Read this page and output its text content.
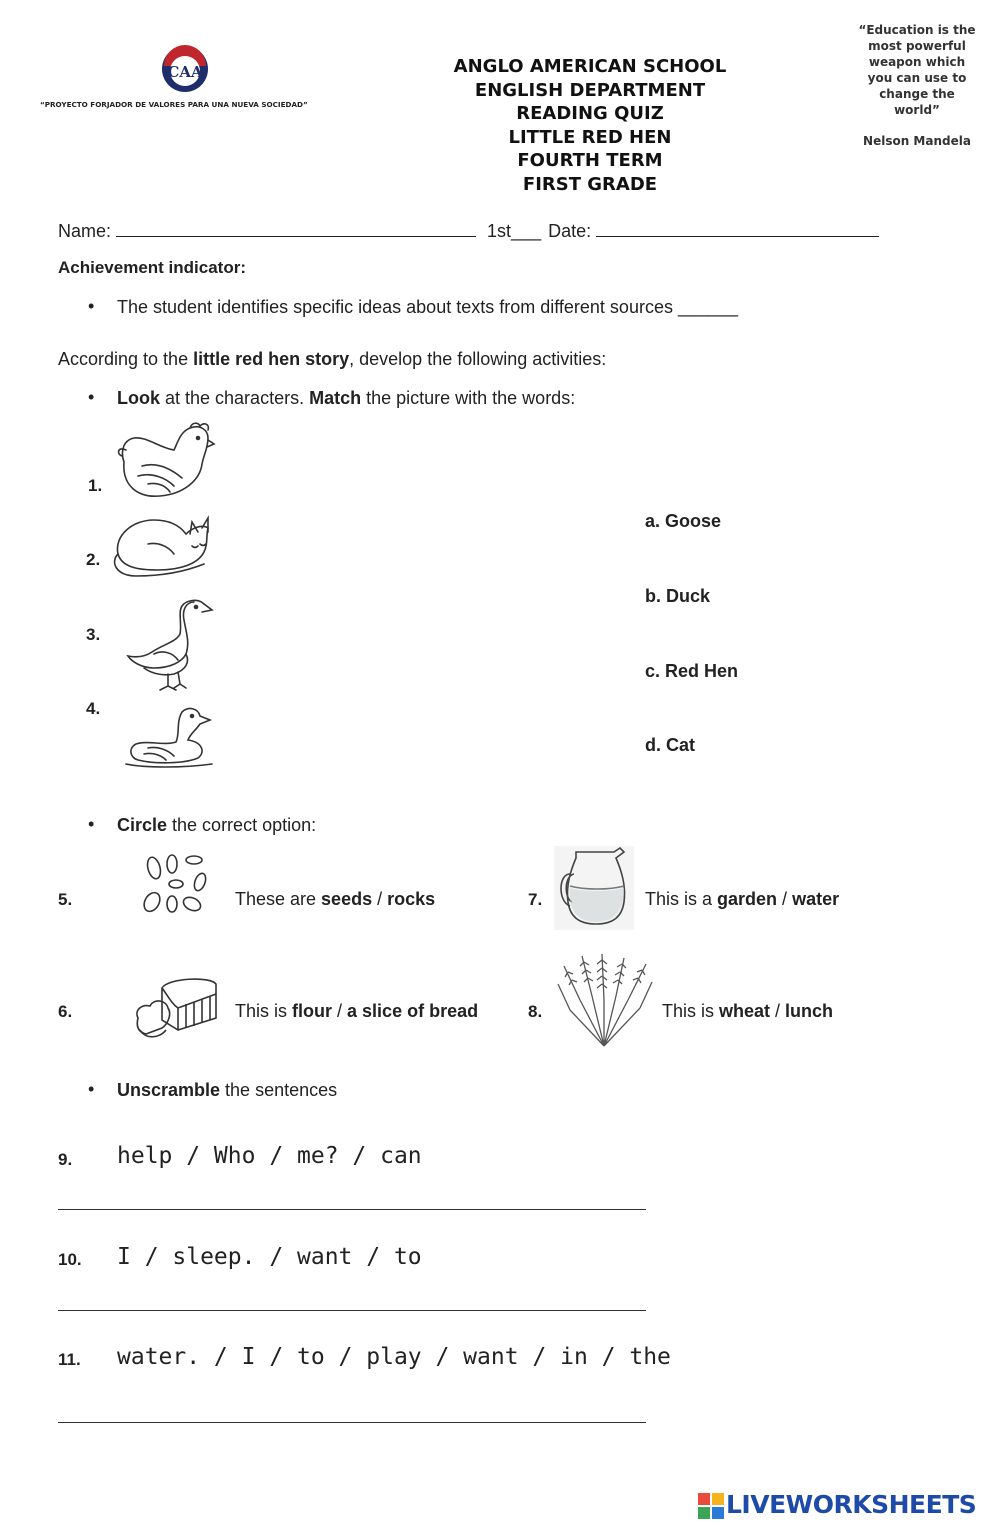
CAA
“PROYECTO FORJADOR DE VALORES PARA UNA NUEVA SOCIEDAD”
ANGLO AMERICAN SCHOOL
ENGLISH DEPARTMENT
READING QUIZ
LITTLE RED HEN
FOURTH TERM
FIRST GRADE
“Education is the most powerful weapon which you can use to change the world”
Nelson Mandela
Name:	1st___ Date:
Achievement indicator:
• The student identifies specific ideas about texts from different sources ______
According to the little red hen story, develop the following activities:
• Look at the characters. Match the picture with the words:
1.
2.
3.
4.
a. Goose
b. Duck
c. Red Hen
d. Cat
• Circle the correct option:
5.	These are seeds / rocks	7.	This is a garden / water
6.	This is flour / a slice of bread	8.	This is wheat / lunch
• Unscramble the sentences
9. help / Who / me? / can
10. I / sleep. / want / to
11. water. / I / to / play / want / in / the
LIVEWORKSHEETS
